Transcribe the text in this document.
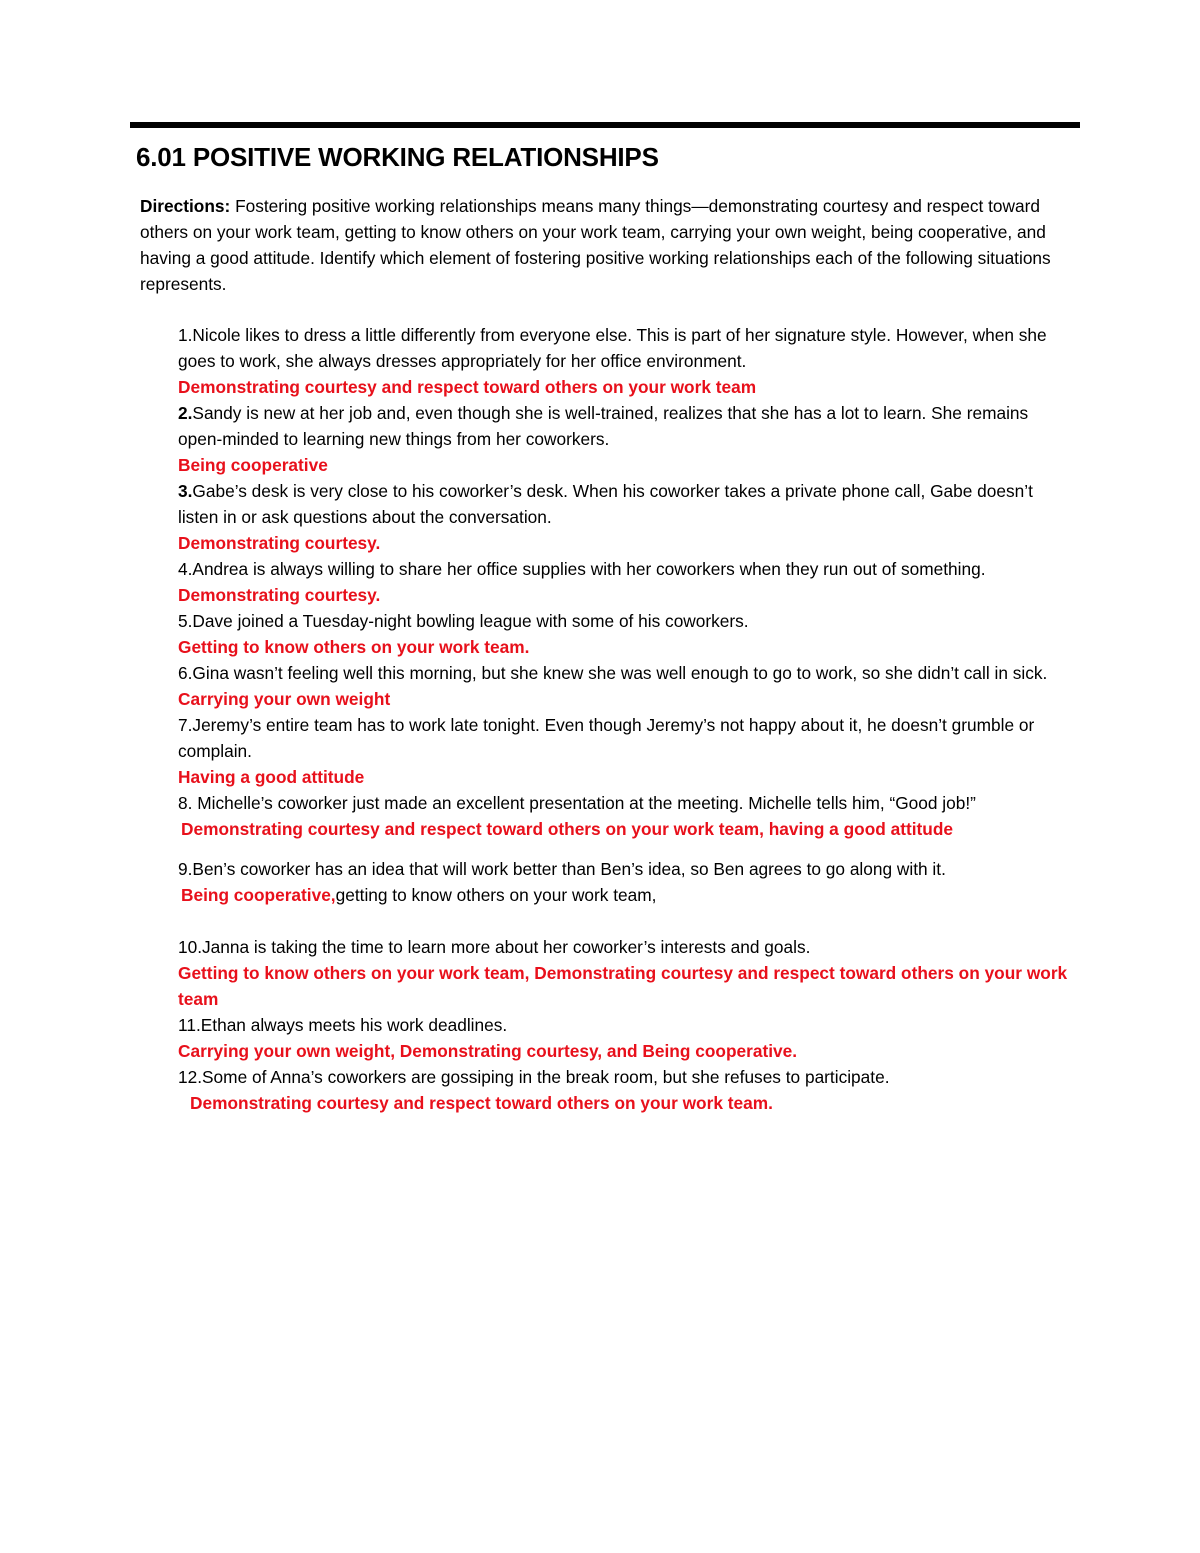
6.01 POSITIVE WORKING RELATIONSHIPS
Directions: Fostering positive working relationships means many things—demonstrating courtesy and respect toward others on your work team, getting to know others on your work team, carrying your own weight, being cooperative, and having a good attitude. Identify which element of fostering positive working relationships each of the following situations represents.
1.Nicole likes to dress a little differently from everyone else. This is part of her signature style. However, when she goes to work, she always dresses appropriately for her office environment.
Demonstrating courtesy and respect toward others on your work team
2.Sandy is new at her job and, even though she is well-trained, realizes that she has a lot to learn. She remains open-minded to learning new things from her coworkers.
Being cooperative
3.Gabe’s desk is very close to his coworker’s desk. When his coworker takes a private phone call, Gabe doesn’t listen in or ask questions about the conversation.
Demonstrating courtesy.
4.Andrea is always willing to share her office supplies with her coworkers when they run out of something.
Demonstrating courtesy.
5.Dave joined a Tuesday-night bowling league with some of his coworkers.
Getting to know others on your work team.
6.Gina wasn’t feeling well this morning, but she knew she was well enough to go to work, so she didn’t call in sick.
Carrying your own weight
7.Jeremy’s entire team has to work late tonight. Even though Jeremy’s not happy about it, he doesn’t grumble or complain.
Having a good attitude
8. Michelle’s coworker just made an excellent presentation at the meeting. Michelle tells him, “Good job!”
Demonstrating courtesy and respect toward others on your work team, having a good attitude
9.Ben’s coworker has an idea that will work better than Ben’s idea, so Ben agrees to go along with it.
Being cooperative,getting to know others on your work team,
10.Janna is taking the time to learn more about her coworker’s interests and goals.
Getting to know others on your work team, Demonstrating courtesy and respect toward others on your work team
11.Ethan always meets his work deadlines.
Carrying your own weight, Demonstrating courtesy, and Being cooperative.
12.Some of Anna’s coworkers are gossiping in the break room, but she refuses to participate.
Demonstrating courtesy and respect toward others on your work team.
